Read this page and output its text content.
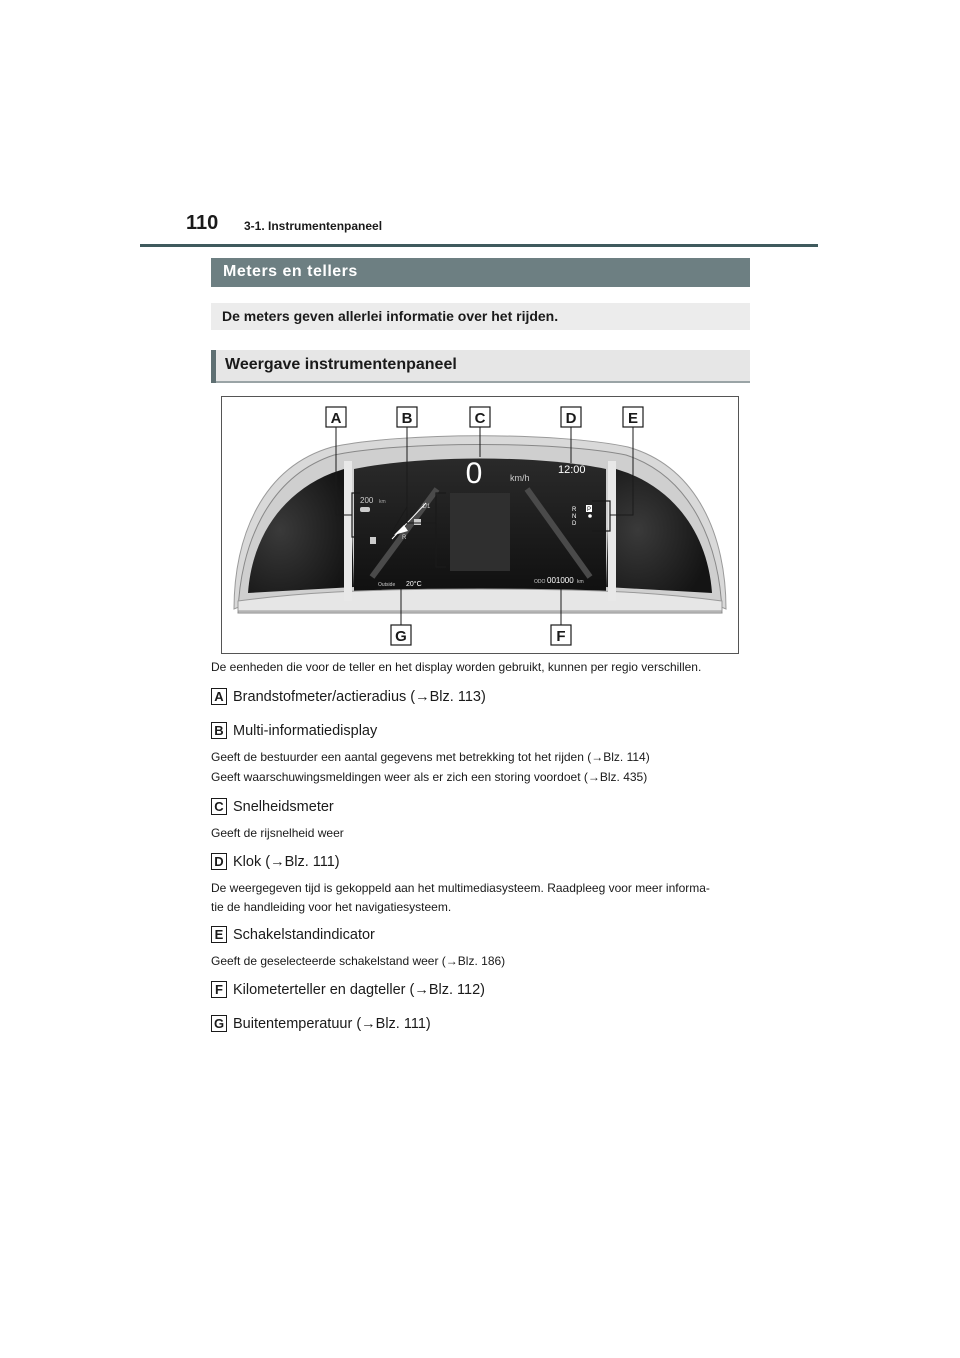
110 3-1. Instrumentenpaneel
Meters en tellers
De meters geven allerlei informatie over het rijden.
Weergave instrumentenpaneel
0	km/h
12:00
200 km
1/1
R
Outside 20°C	ODO 001000 km
R
N
D
P
A	B	C	D	E
F
G
De eenheden die voor de teller en het display worden gebruikt, kunnen per regio verschillen.
A Brandstofmeter/actieradius (→Blz. 113)
B Multi-informatiedisplay
Geeft de bestuurder een aantal gegevens met betrekking tot het rijden (→Blz. 114)
Geeft waarschuwingsmeldingen weer als er zich een storing voordoet (→Blz. 435)
C Snelheidsmeter
Geeft de rijsnelheid weer
D Klok (→Blz. 111)
De weergegeven tijd is gekoppeld aan het multimediasysteem. Raadpleeg voor meer informa-
tie de handleiding voor het navigatiesysteem.
E Schakelstandindicator
Geeft de geselecteerde schakelstand weer (→Blz. 186)
F Kilometerteller en dagteller (→Blz. 112)
G Buitentemperatuur (→Blz. 111)
